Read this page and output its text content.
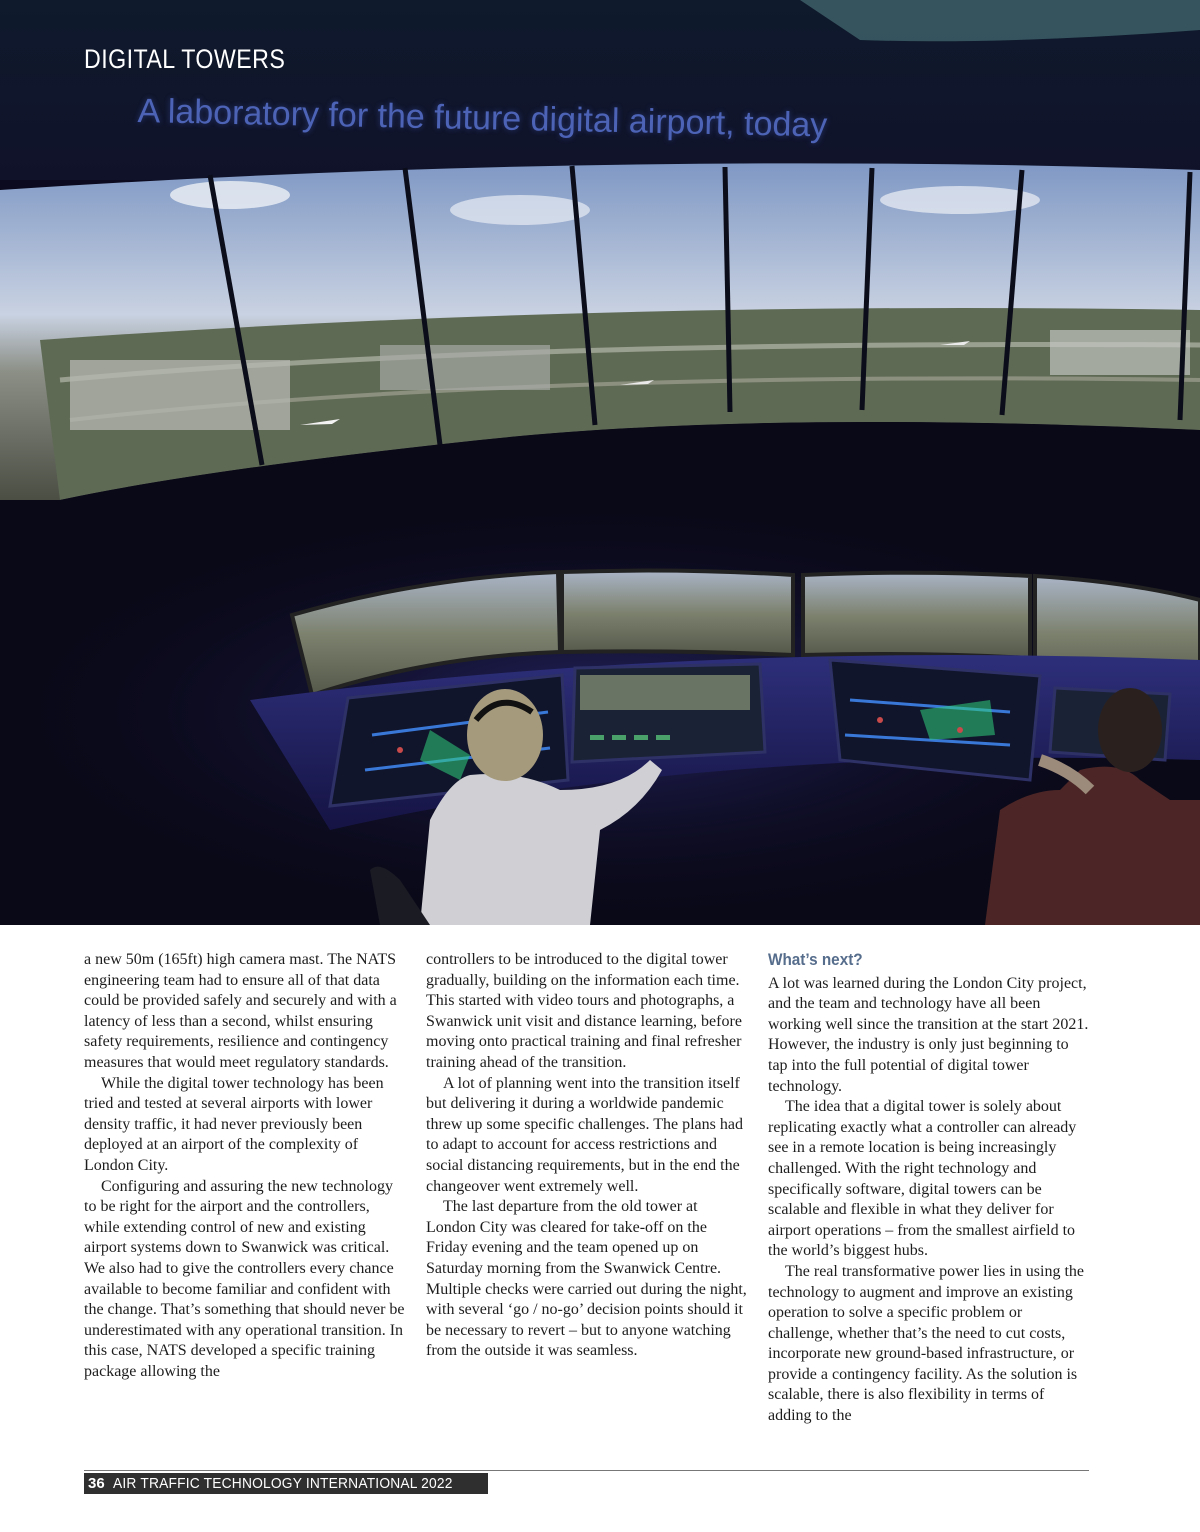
DIGITAL TOWERS
A laboratory for the future digital airport, today

a new 50m (165ft) high camera mast. The NATS engineering team had to ensure all of that data could be provided safely and securely and with a latency of less than a second, whilst ensuring safety requirements, resilience and contingency measures that would meet regulatory standards.

While the digital tower technology has been tried and tested at several airports with lower density traffic, it had never previously been deployed at an airport of the complexity of London City.

Configuring and assuring the new technology to be right for the airport and the controllers, while extending control of new and existing airport systems down to Swanwick was critical. We also had to give the controllers every chance available to become familiar and confident with the change. That’s something that should never be underestimated with any operational transition. In this case, NATS developed a specific training package allowing the

controllers to be introduced to the digital tower gradually, building on the information each time. This started with video tours and photographs, a Swanwick unit visit and distance learning, before moving onto practical training and final refresher training ahead of the transition.

A lot of planning went into the transition itself but delivering it during a worldwide pandemic threw up some specific challenges. The plans had to adapt to account for access restrictions and social distancing requirements, but in the end the changeover went extremely well.

The last departure from the old tower at London City was cleared for take-off on the Friday evening and the team opened up on Saturday morning from the Swanwick Centre. Multiple checks were carried out during the night, with several ‘go / no-go’ decision points should it be necessary to revert – but to anyone watching from the outside it was seamless.

What’s next?

A lot was learned during the London City project, and the team and technology have all been working well since the transition at the start 2021. However, the industry is only just beginning to tap into the full potential of digital tower technology.

The idea that a digital tower is solely about replicating exactly what a controller can already see in a remote location is being increasingly challenged. With the right technology and specifically software, digital towers can be scalable and flexible in what they deliver for airport operations – from the smallest airfield to the world’s biggest hubs.

The real transformative power lies in using the technology to augment and improve an existing operation to solve a specific problem or challenge, whether that’s the need to cut costs, incorporate new ground-based infrastructure, or provide a contingency facility. As the solution is scalable, there is also flexibility in terms of adding to the

36 AIR TRAFFIC TECHNOLOGY INTERNATIONAL 2022
